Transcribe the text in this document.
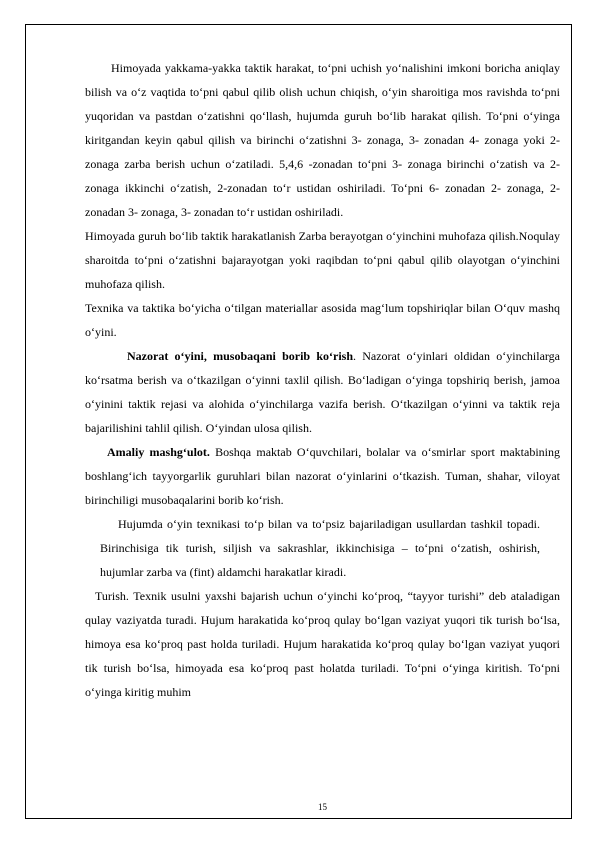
Himoyada yakkama-yakka taktik harakat, to‘pni uchish yo‘nalishini imkoni boricha aniqlay bilish va o‘z vaqtida to‘pni qabul qilib olish uchun chiqish, o‘yin sharoitiga mos ravishda to‘pni yuqoridan va pastdan o‘zatishni qo‘llash, hujumda guruh bo‘lib harakat qilish. To‘pni o‘yinga kiritgandan keyin qabul qilish va birinchi o‘zatishni 3- zonaga, 3- zonadan 4- zonaga yoki 2- zonaga zarba berish uchun o‘zatiladi. 5,4,6 -zonadan to‘pni 3- zonaga birinchi o‘zatish va 2- zonaga ikkinchi o‘zatish, 2-zonadan to‘r ustidan oshiriladi. To‘pni 6- zonadan 2- zonaga, 2- zonadan 3- zonaga, 3- zonadan to‘r ustidan oshiriladi.

Himoyada guruh bo‘lib taktik harakatlanish Zarba berayotgan o‘yinchini muhofaza qilish.Noqulay sharoitda to‘pni o‘zatishni bajarayotgan yoki raqibdan to‘pni qabul qilib olayotgan o‘yinchini muhofaza qilish.

Texnika va taktika bo‘yicha o‘tilgan materiallar asosida mag‘lum topshiriqlar bilan O‘quv mashq o‘yini.

Nazorat o‘yini, musobaqani borib ko‘rish. Nazorat o‘yinlari oldidan o‘yinchilarga ko‘rsatma berish va o‘tkazilgan o‘yinni taxlil qilish. Bo‘ladigan o‘yinga topshiriq berish, jamoa o‘yinini taktik rejasi va alohida o‘yinchilarga vazifa berish. O‘tkazilgan o‘yinni va taktik reja bajarilishini tahlil qilish. O‘yindan ulosa qilish.

Amaliy mashg‘ulot. Boshqa maktab O‘quvchilari, bolalar va o‘smirlar sport maktabining boshlang‘ich tayyorgarlik guruhlari bilan nazorat o‘yinlarini o‘tkazish. Tuman, shahar, viloyat birinchiligi musobaqalarini borib ko‘rish.

Hujumda o‘yin texnikasi to‘p bilan va to‘psiz bajariladigan usullardan tashkil topadi. Birinchisiga tik turish, siljish va sakrashlar, ikkinchisiga – to‘pni o‘zatish, oshirish, hujumlar zarba va (fint) aldamchi harakatlar kiradi.

Turish. Texnik usulni yaxshi bajarish uchun o‘yinchi ko‘proq, “tayyor turishi” deb ataladigan qulay vaziyatda turadi. Hujum harakatida ko‘proq qulay bo‘lgan vaziyat yuqori tik turish bo‘lsa, himoya esa ko‘proq past holda turiladi. Hujum harakatida ko‘proq qulay bo‘lgan vaziyat yuqori tik turish bo‘lsa, himoyada esa ko‘proq past holatda turiladi. To‘pni o‘yinga kiritish. To‘pni o‘yinga kiritig muhim

15
